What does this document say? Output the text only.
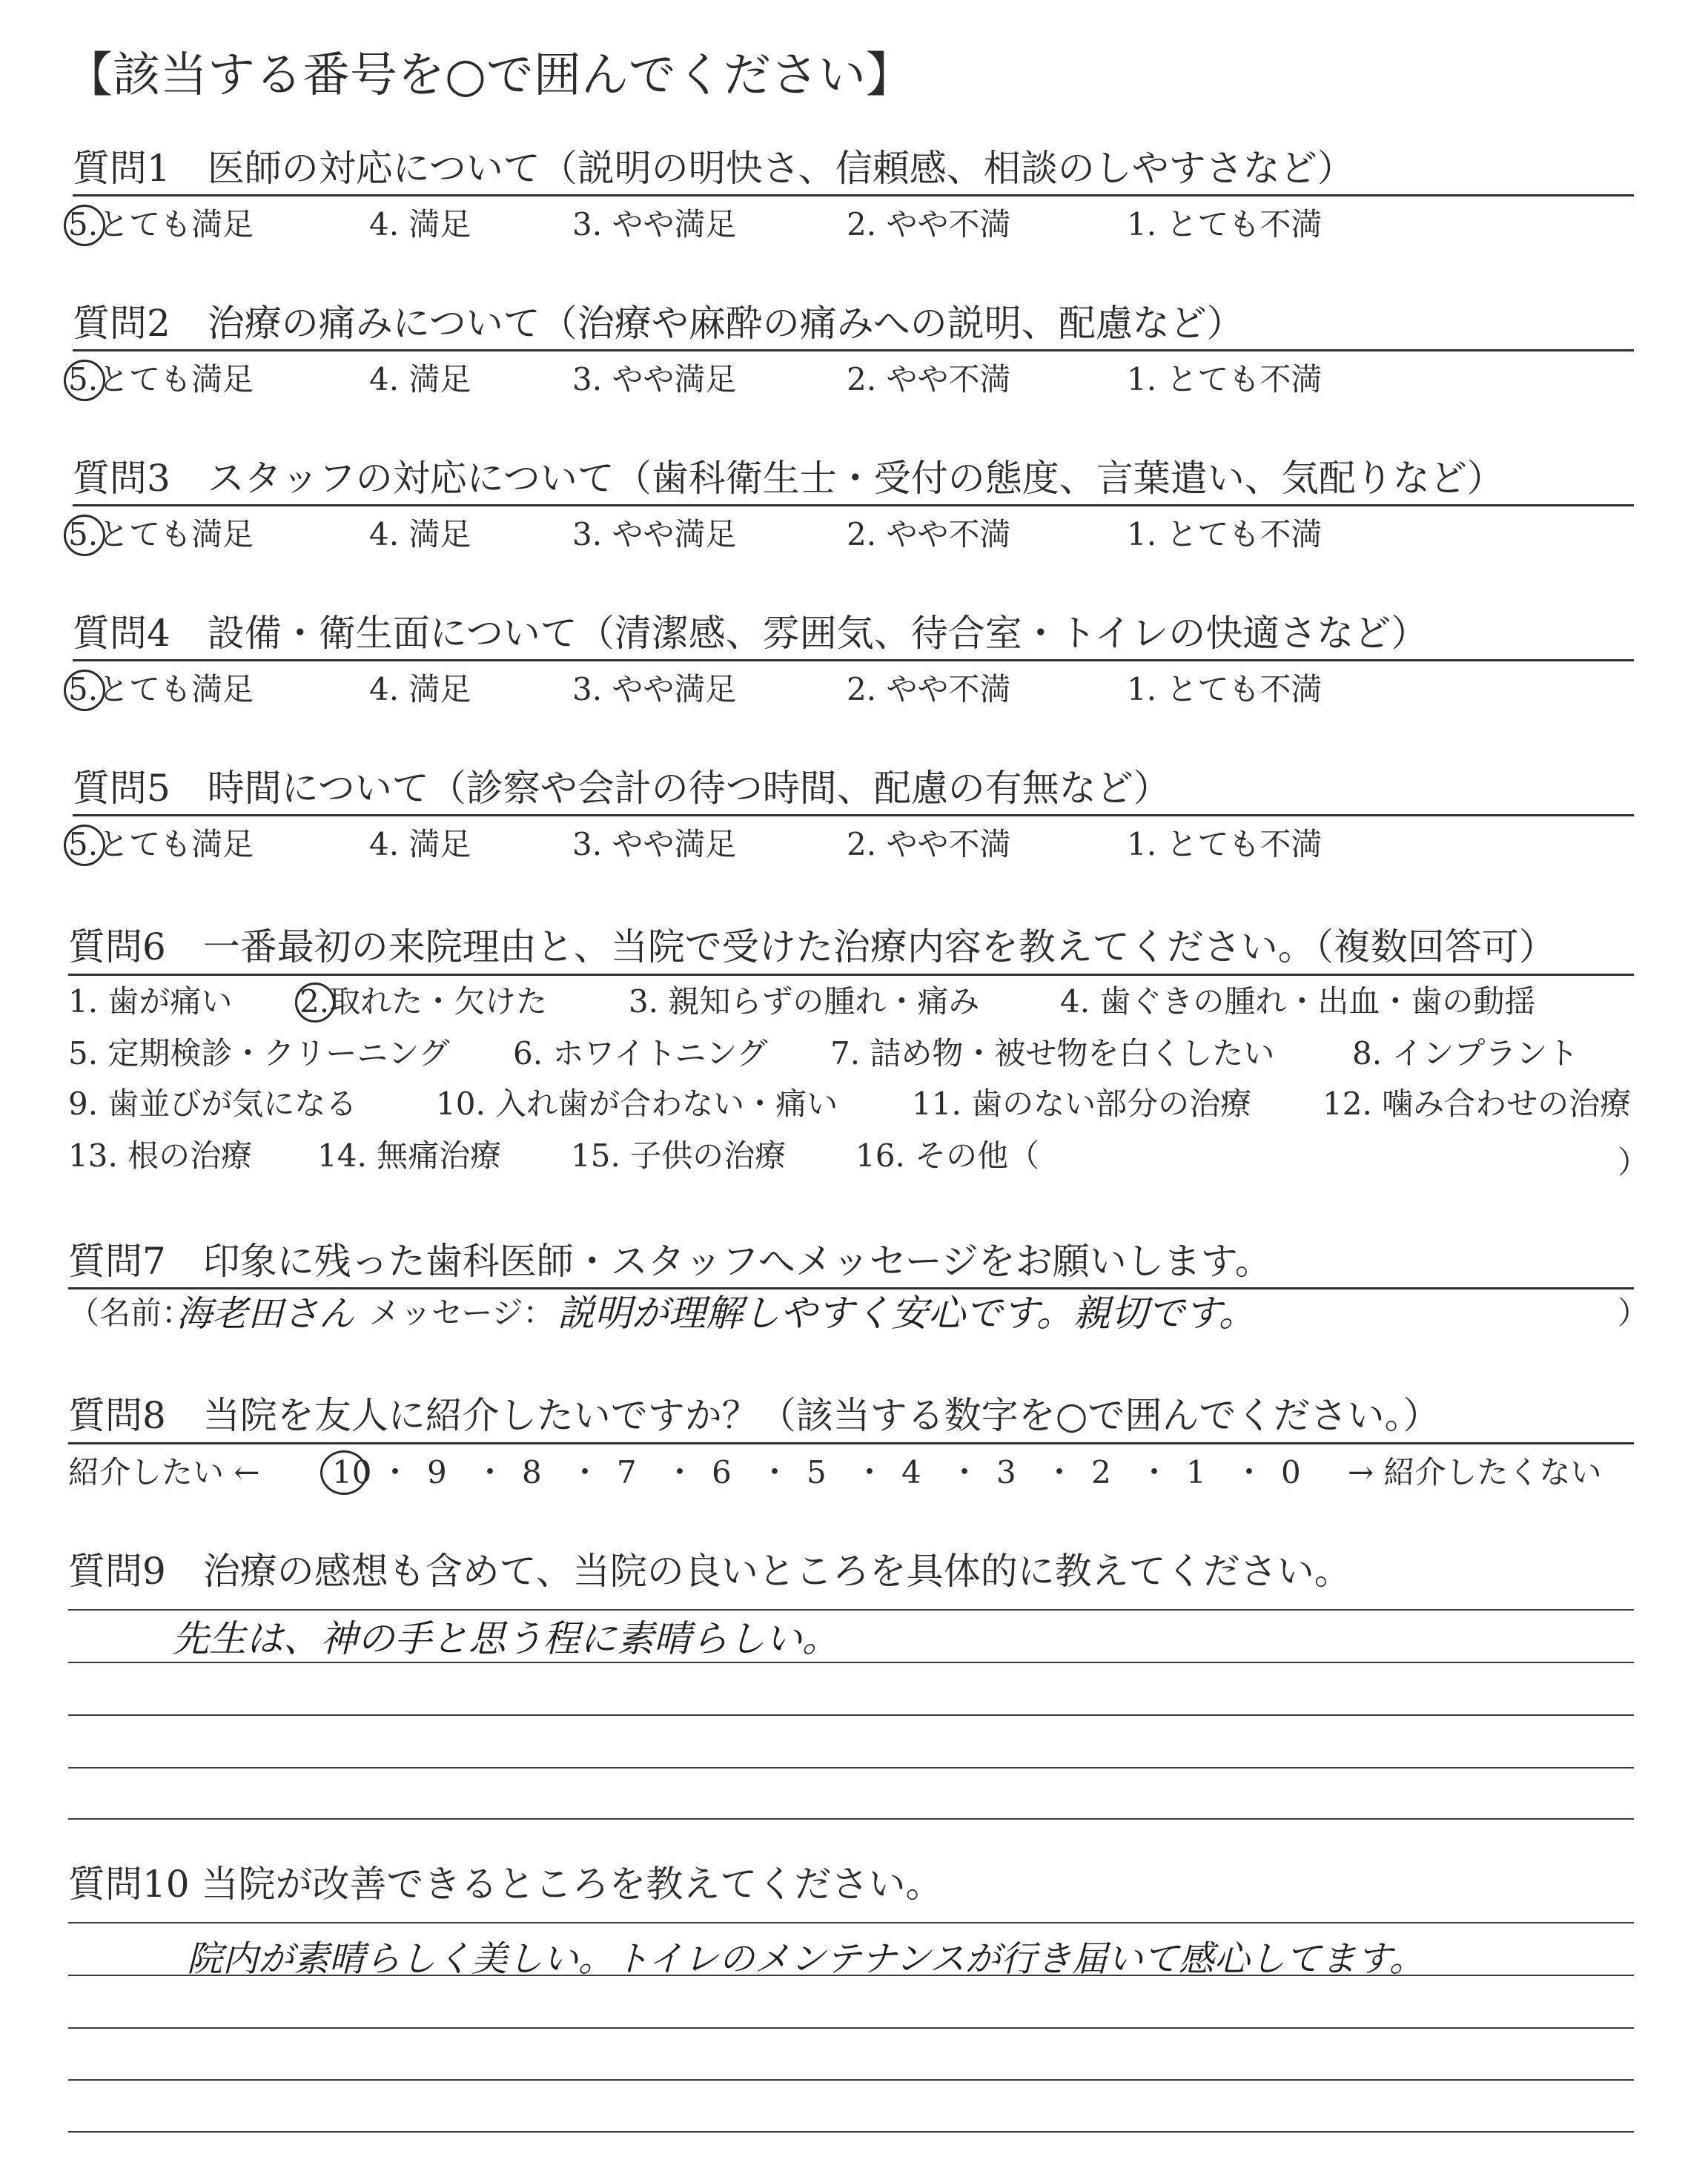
【該当する番号を○で囲んでください】
質問1　医師の対応について（説明の明快さ、信頼感、相談のしやすさなど）
5.とても満足	4. 満足	3. やや満足	2. やや不満	1. とても不満
質問2　治療の痛みについて（治療や麻酔の痛みへの説明、配慮など）
5.とても満足	4. 満足	3. やや満足	2. やや不満	1. とても不満
質問3　スタッフの対応について（歯科衛生士・受付の態度、言葉遣い、気配りなど）
5.とても満足	4. 満足	3. やや満足	2. やや不満	1. とても不満
質問4　設備・衛生面について（清潔感、雰囲気、待合室・トイレの快適さなど）
5.とても満足	4. 満足	3. やや満足	2. やや不満	1. とても不満
質問5　時間について（診察や会計の待つ時間、配慮の有無など）
5.とても満足	4. 満足	3. やや満足	2. やや不満	1. とても不満
質問6　一番最初の来院理由と、当院で受けた治療内容を教えてください。（複数回答可）
1. 歯が痛い 2.取れた・欠けた	3. 親知らずの腫れ・痛み	4. 歯ぐきの腫れ・出血・歯の動揺
5. 定期検診・クリーニング 6. ホワイトニング 7. 詰め物・被せ物を白くしたい 8. インプラント
9. 歯並びが気になる	10. 入れ歯が合わない・痛い 11. 歯のない部分の治療 12. 噛み合わせの治療
13. 根の治療 14. 無痛治療 15. 子供の治療 16. その他（	）
質問7　印象に残った歯科医師・スタッフへメッセージをお願いします。
（名前：
海老田さん メッセージ： 説明が理解しやすく安心です。親切です。	）
質問8　当院を友人に紹介したいですか？（該当する数字を○で囲んでください。）
紹介したい ← 10 ・ 9 ・ 8 ・ 7 ・ 6 ・ 5 ・ 4 ・ 3 ・ 2 ・ 1 ・ 0 → 紹介したくない
質問9　治療の感想も含めて、当院の良いところを具体的に教えてください。
先生は、神の手と思う程に素晴らしい。
質問10 当院が改善できるところを教えてください。
院内が素晴らしく美しい。トイレのメンテナンスが行き届いて感心してます。
